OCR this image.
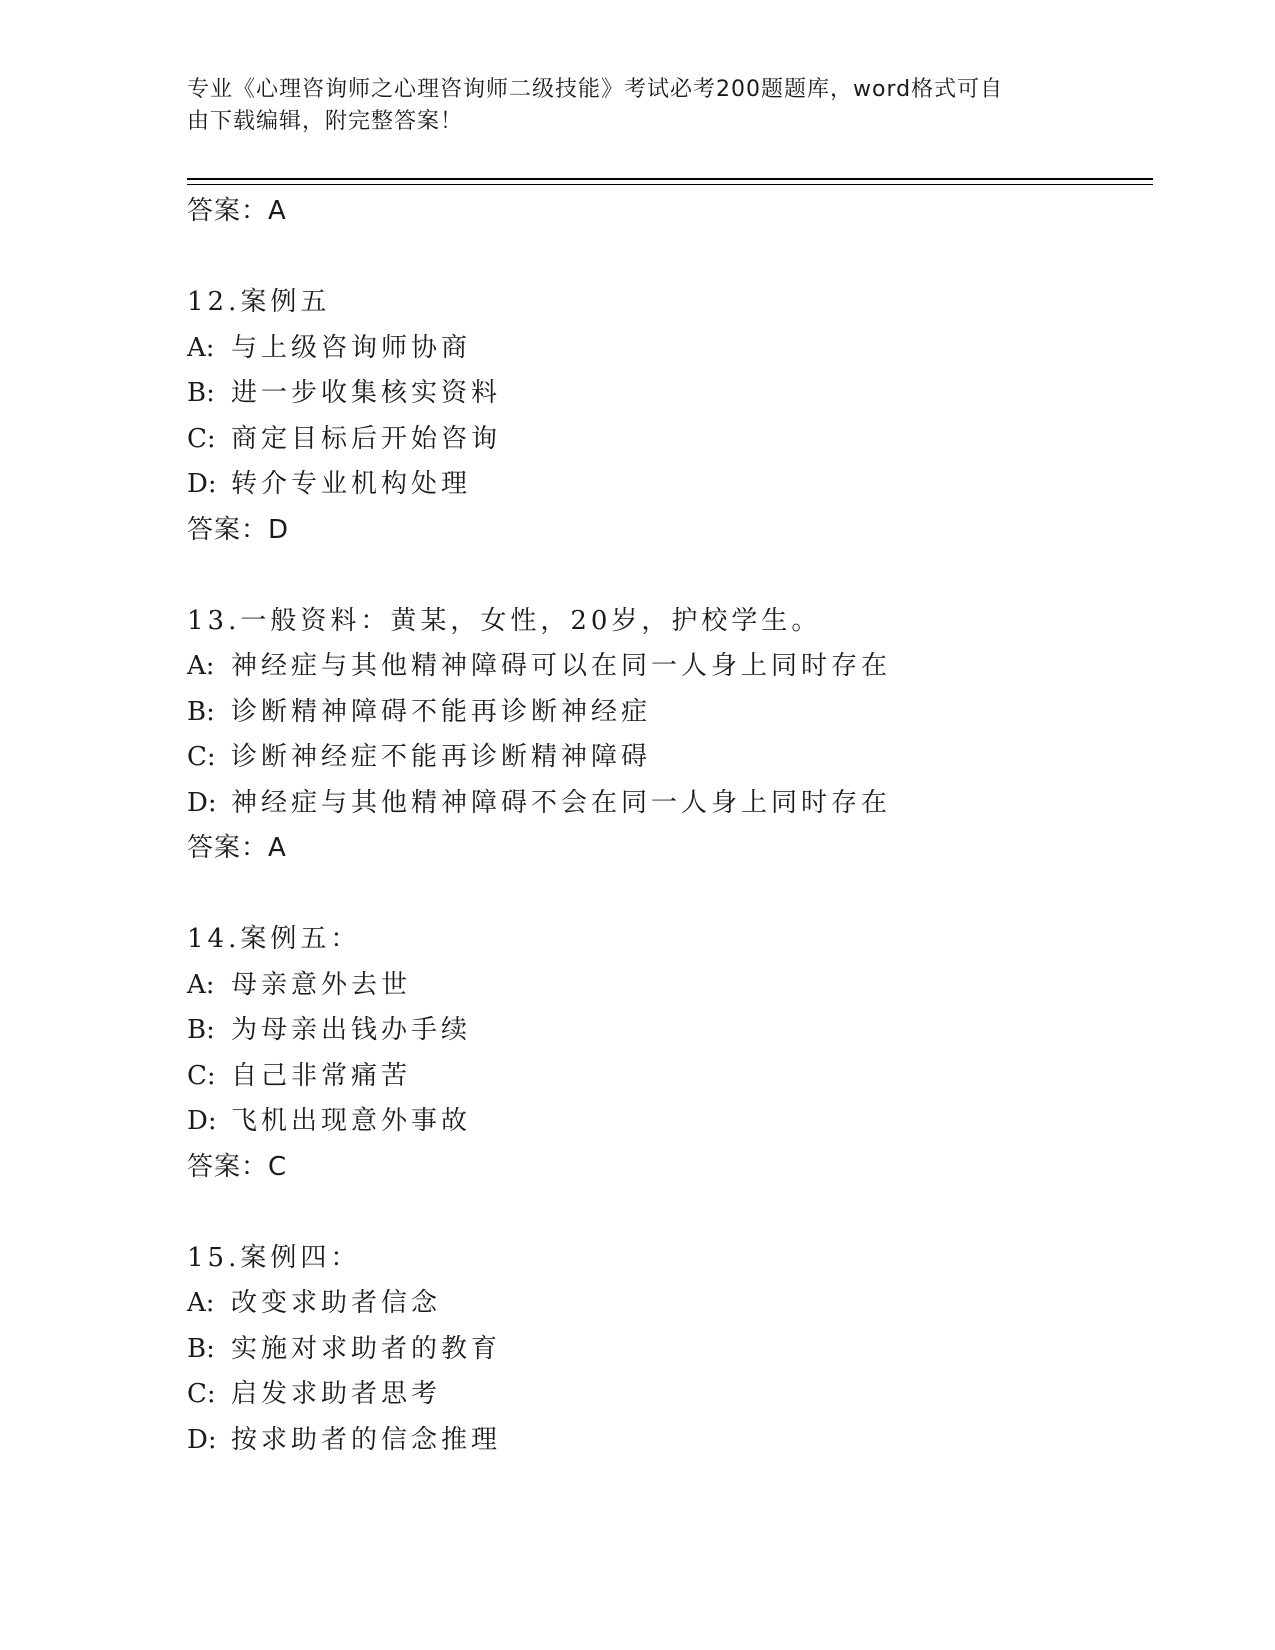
专业《心理咨询师之心理咨询师二级技能》考试必考200题题库，word格式可自
由下载编辑，附完整答案！
答案：A
12.案例五
A: 与上级咨询师协商
B: 进一步收集核实资料
C: 商定目标后开始咨询
D: 转介专业机构处理
答案：D
13.一般资料：黄某，女性，20岁，护校学生。
A: 神经症与其他精神障碍可以在同一人身上同时存在
B: 诊断精神障碍不能再诊断神经症
C: 诊断神经症不能再诊断精神障碍
D: 神经症与其他精神障碍不会在同一人身上同时存在
答案：A
14.案例五：
A: 母亲意外去世
B: 为母亲出钱办手续
C: 自己非常痛苦
D: 飞机出现意外事故
答案：C
15.案例四：
A: 改变求助者信念
B: 实施对求助者的教育
C: 启发求助者思考
D: 按求助者的信念推理
